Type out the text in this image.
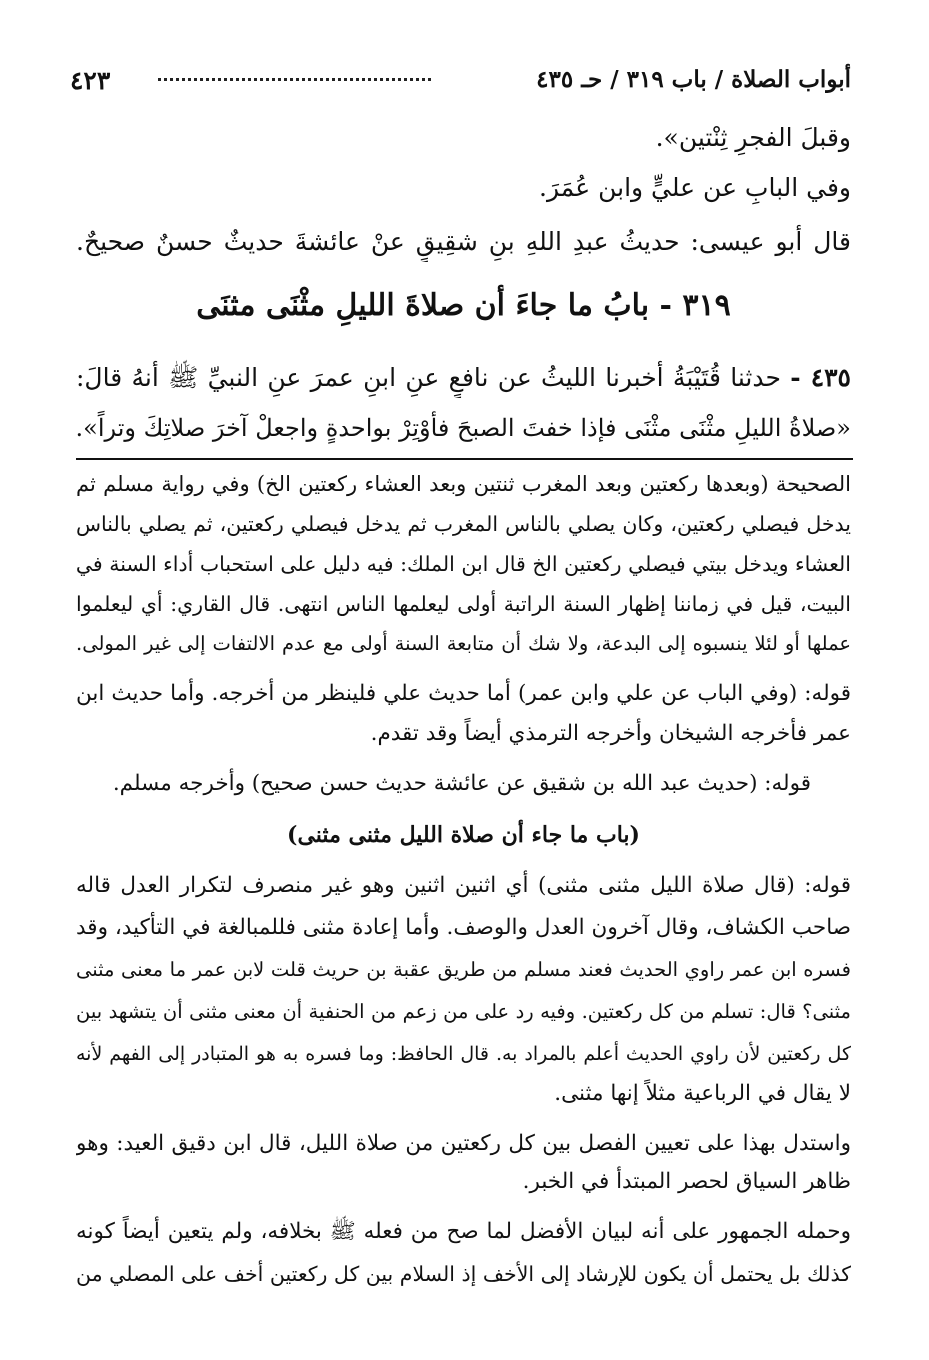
أبواب الصلاة / باب ٣١٩ / حـ ٤٣٥
٤٢٣
وقبلَ الفجرِ ثِنْتين».
وفي البابِ عن عليٍّ وابن عُمَرَ.
قال أبو عيسى: حديثُ عبدِ اللهِ بنِ شقِيقٍ عنْ عائشةَ حديثٌ حسنٌ صحيحٌ.
٣١٩ - بابُ ما جاءَ أن صلاةَ الليلِ مثْنَى مثنَى
٤٣٥ - حدثنا قُتَيْبَةُ أخبرنا الليثُ عن نافعٍ عنِ ابنِ عمرَ عنِ النبيِّ ﷺ أنهُ قالَ:
«صلاةُ الليلِ مثْنَى مثْنَى فإذا خفتَ الصبحَ فأوْتِرْ بواحدةٍ واجعلْ آخرَ صلاتِكَ وتراً».
الصحيحة (وبعدها ركعتين وبعد المغرب ثنتين وبعد العشاء ركعتين الخ) وفي رواية مسلم ثم
يدخل فيصلي ركعتين، وكان يصلي بالناس المغرب ثم يدخل فيصلي ركعتين، ثم يصلي بالناس
العشاء ويدخل بيتي فيصلي ركعتين الخ قال ابن الملك: فيه دليل على استحباب أداء السنة في
البيت، قيل في زماننا إظهار السنة الراتبة أولى ليعلمها الناس انتهى. قال القاري: أي ليعلموا
عملها أو لئلا ينسبوه إلى البدعة، ولا شك أن متابعة السنة أولى مع عدم الالتفات إلى غير المولى.
قوله: (وفي الباب عن علي وابن عمر) أما حديث علي فلينظر من أخرجه. وأما حديث ابن
عمر فأخرجه الشيخان وأخرجه الترمذي أيضاً وقد تقدم.
قوله: (حديث عبد الله بن شقيق عن عائشة حديث حسن صحيح) وأخرجه مسلم.
(باب ما جاء أن صلاة الليل مثنى مثنى)
قوله: (قال صلاة الليل مثنى مثنى) أي اثنين اثنين وهو غير منصرف لتكرار العدل قاله
صاحب الكشاف، وقال آخرون العدل والوصف. وأما إعادة مثنى فللمبالغة في التأكيد، وقد
فسره ابن عمر راوي الحديث فعند مسلم من طريق عقبة بن حريث قلت لابن عمر ما معنى مثنى
مثنى؟ قال: تسلم من كل ركعتين. وفيه رد على من زعم من الحنفية أن معنى مثنى أن يتشهد بين
كل ركعتين لأن راوي الحديث أعلم بالمراد به. قال الحافظ: وما فسره به هو المتبادر إلى الفهم لأنه
لا يقال في الرباعية مثلاً إنها مثنى.
واستدل بهذا على تعيين الفصل بين كل ركعتين من صلاة الليل، قال ابن دقيق العيد: وهو
ظاهر السياق لحصر المبتدأ في الخبر.
وحمله الجمهور على أنه لبيان الأفضل لما صح من فعله ﷺ بخلافه، ولم يتعين أيضاً كونه
كذلك بل يحتمل أن يكون للإرشاد إلى الأخف إذ السلام بين كل ركعتين أخف على المصلي من
